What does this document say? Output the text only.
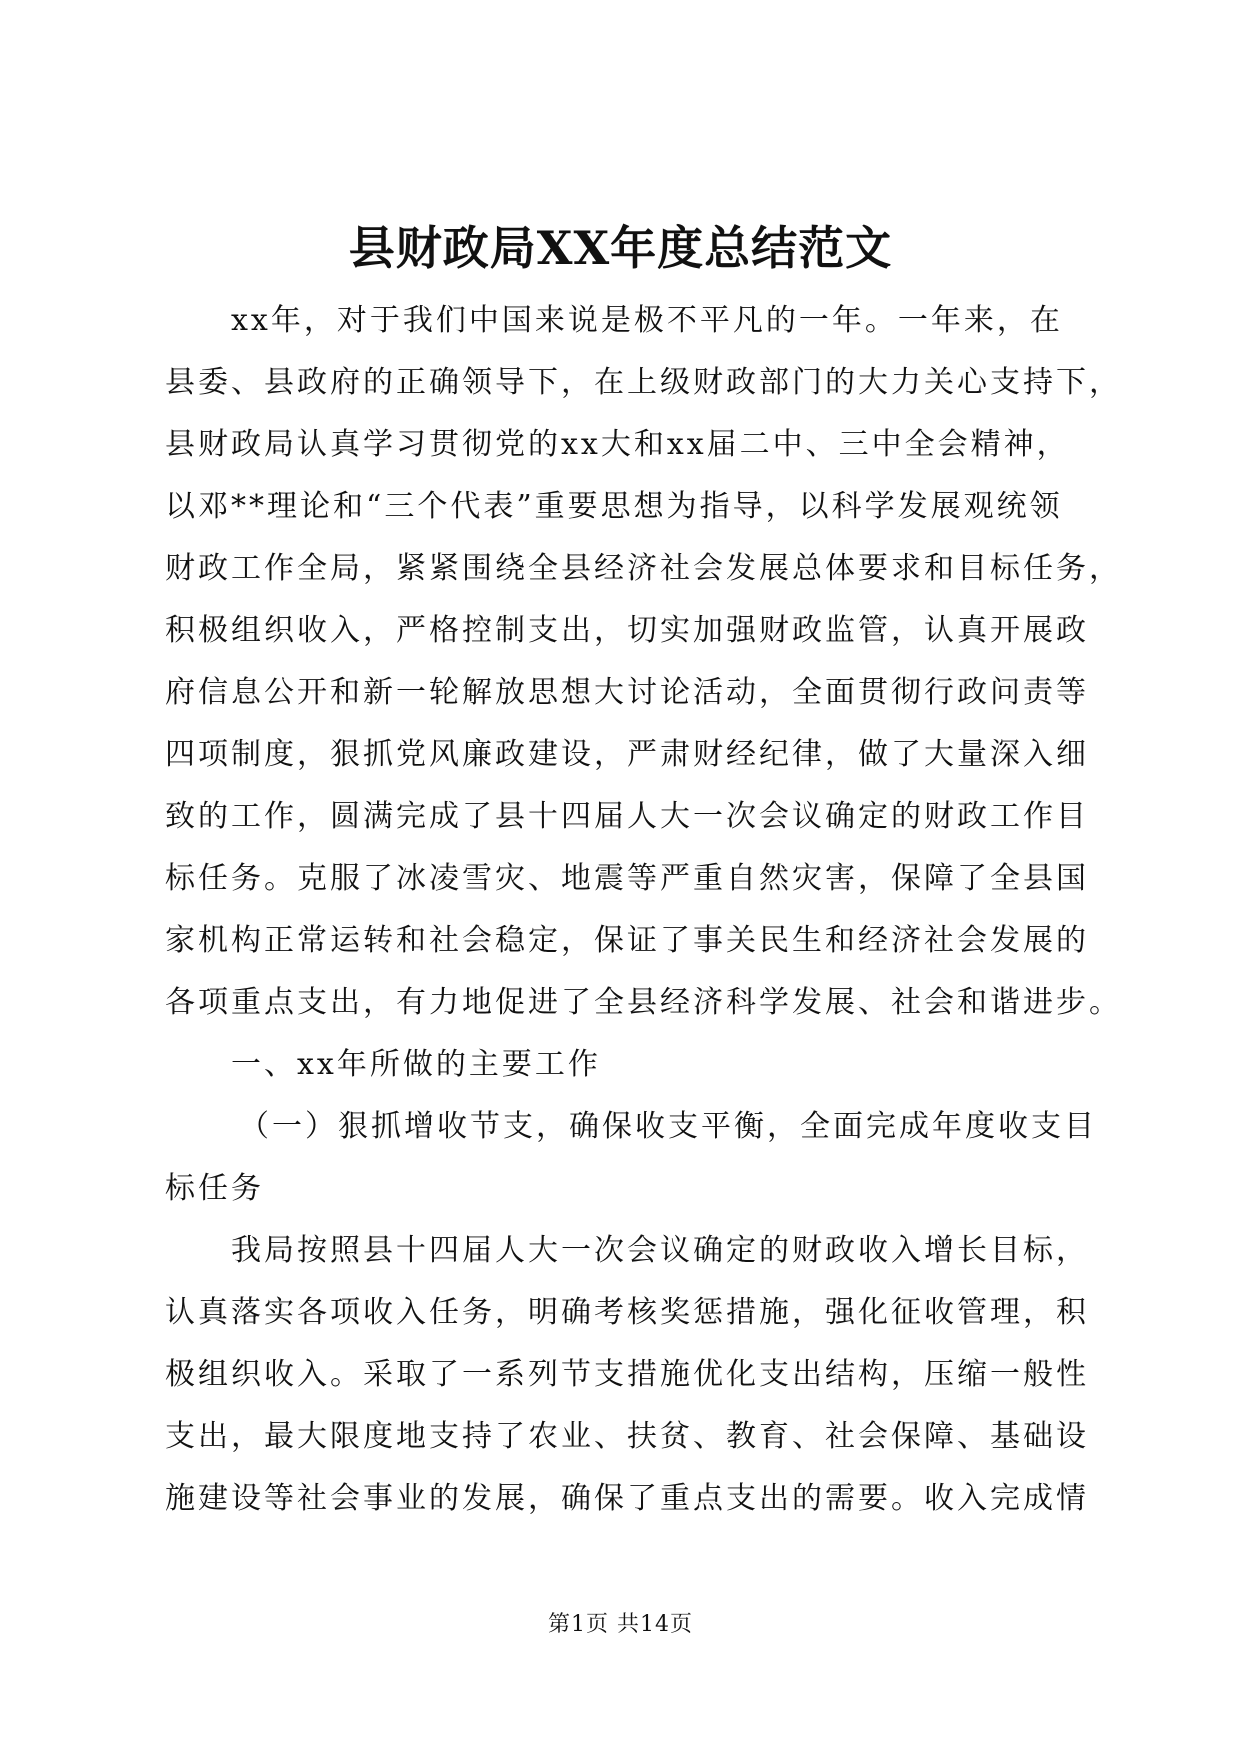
县财政局XX年度总结范文
xx年，对于我们中国来说是极不平凡的一年。一年来，在
县委、县政府的正确领导下，在上级财政部门的大力关心支持下，
县财政局认真学习贯彻党的xx大和xx届二中、三中全会精神，
以邓**理论和“三个代表”重要思想为指导，以科学发展观统领
财政工作全局，紧紧围绕全县经济社会发展总体要求和目标任务，
积极组织收入，严格控制支出，切实加强财政监管，认真开展政
府信息公开和新一轮解放思想大讨论活动，全面贯彻行政问责等
四项制度，狠抓党风廉政建设，严肃财经纪律，做了大量深入细
致的工作，圆满完成了县十四届人大一次会议确定的财政工作目
标任务。克服了冰凌雪灾、地震等严重自然灾害，保障了全县国
家机构正常运转和社会稳定，保证了事关民生和经济社会发展的
各项重点支出，有力地促进了全县经济科学发展、社会和谐进步。
一、xx年所做的主要工作
（一）狠抓增收节支，确保收支平衡，全面完成年度收支目
标任务
我局按照县十四届人大一次会议确定的财政收入增长目标，
认真落实各项收入任务，明确考核奖惩措施，强化征收管理，积
极组织收入。采取了一系列节支措施优化支出结构，压缩一般性
支出，最大限度地支持了农业、扶贫、教育、社会保障、基础设
施建设等社会事业的发展，确保了重点支出的需要。收入完成情
第1页 共14页
